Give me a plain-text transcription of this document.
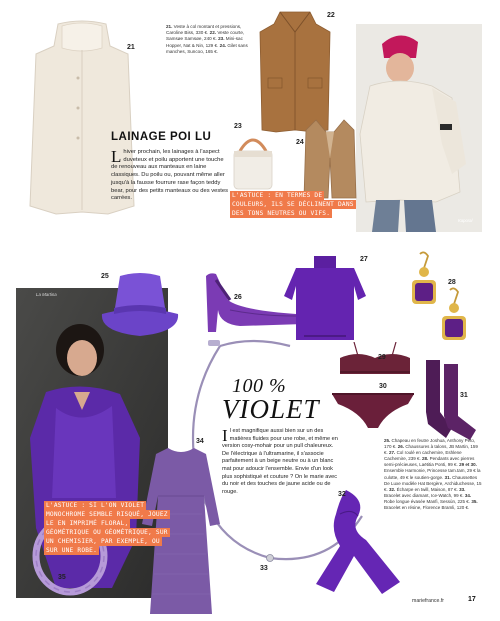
21
21. Veste à col montant et pressions, Caroline Biss, 330 €. 22. Veste courte, Samsøe Samsøe, 240 €. 23. Mini-sac Hopper, Nat & Nin, 129 €. 24. Gilet sans manches, Suncoo, 165 €.
22
Kaporal
23
24
LAINAGE POI LU
L hiver prochain, les lainages à l'aspect duveteux et poilu apportent une touche de renouveau aux manteaux en laine classiques. Du poilu ou, pouvant même aller jusqu'à la fausse fourrure rase façon teddy bear, pour des petits manteaux ou des vestes carrées.	L'ASTUCE : EN TERMES DE COULEURS, ILS SE DÉCLINENT DANS DES TONS NEUTRES OU VIFS.
La Martina
25
26
27
28
29
30
31
33
100 %
VIOLET
I l est magnifique aussi bien sur un des matières fluides pour une robe, et même en version cosy-mohair pour un pull chaleureux. De l'électrique à l'ultramarine, il s'associe parfaitement à un beige neutre ou à un blanc mat pour adoucir l'ensemble. Envie d'un look plus sophistiqué et couture ? On le marie avec du noir et des touches de jaune acide ou de rouge.
34
35
L'ASTUCE : SI L'ON VIOLET MONOCHROME SEMBLE RISQUÉ, JOUEZ LE EN IMPRIMÉ FLORAL, GÉOMÉTRIQUE OU GÉOMÉTRIQUE, SUR UN CHEMISIER, PAR EXEMPLE, OU SUR UNE ROBE.
32
25. Chapeau en feutre Joshua, Anthony Peto, 170 €. 26. Chaussures à talons, JB Martin, 159 €. 27. Col roulé en cachemire, Eshlene Cachemire, 239 €. 28. Pendants avec pierres semi-précieuses, Laëtitia Ponti, 99 €. 29 et 30. Ensemble Harmonie, Princesse tam.tam, 29 € la culotte, 49 € le soutien-gorge. 31. Chaussettes De Luxe modèle Hat Bergère, Archiduchesse, 15 €. 32. Écharpe en twill, Maison, 87 €. 33. Bracelet avec diamant, Ice-Watch, 99 €. 34. Robe longue évasée Manfi, Sessùn, 225 €. 35. Bracelet en résine, Florence Bramli, 120 €.
mariefrance.fr	17
